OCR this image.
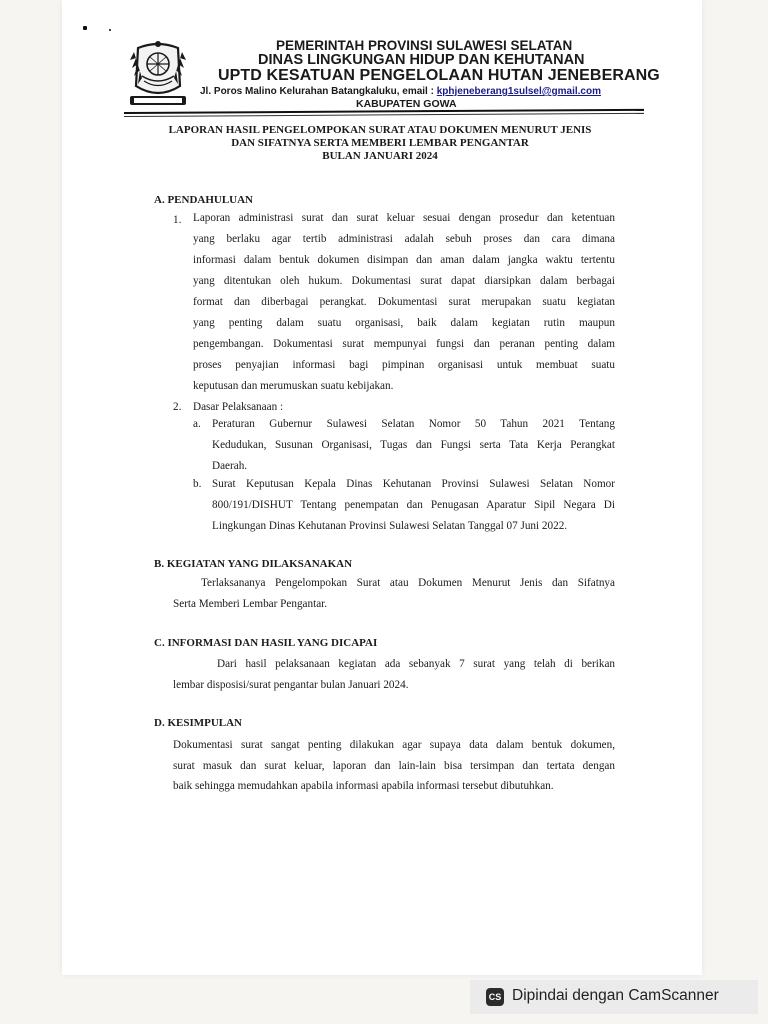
PEMERINTAH PROVINSI SULAWESI SELATAN
DINAS LINGKUNGAN HIDUP DAN KEHUTANAN
UPTD KESATUAN PENGELOLAAN HUTAN JENEBERANG
Jl. Poros Malino Kelurahan Batangkaluku, email : kphjeneberang1sulsel@gmail.com
KABUPATEN GOWA
LAPORAN HASIL PENGELOMPOKAN SURAT ATAU DOKUMEN MENURUT JENIS
DAN SIFATNYA SERTA MEMBERI LEMBAR PENGANTAR
BULAN JANUARI 2024
A. PENDAHULUAN
1. Laporan administrasi surat dan surat keluar sesuai dengan prosedur dan ketentuan
yang berlaku agar tertib administrasi adalah sebuh proses dan cara dimana
informasi dalam bentuk dokumen disimpan dan aman dalam jangka waktu tertentu
yang ditentukan oleh hukum. Dokumentasi surat dapat diarsipkan dalam berbagai
format dan diberbagai perangkat. Dokumentasi surat merupakan suatu kegiatan
yang penting dalam suatu organisasi, baik dalam kegiatan rutin maupun
pengembangan. Dokumentasi surat mempunyai fungsi dan peranan penting dalam
proses penyajian informasi bagi pimpinan organisasi untuk membuat suatu
keputusan dan merumuskan suatu kebijakan.
2. Dasar Pelaksanaan :
a. Peraturan Gubernur Sulawesi Selatan Nomor 50 Tahun 2021 Tentang
Kedudukan, Susunan Organisasi, Tugas dan Fungsi serta Tata Kerja Perangkat
Daerah.
b. Surat Keputusan Kepala Dinas Kehutanan Provinsi Sulawesi Selatan Nomor
800/191/DISHUT Tentang penempatan dan Penugasan Aparatur Sipil Negara Di
Lingkungan Dinas Kehutanan Provinsi Sulawesi Selatan Tanggal 07 Juni 2022.
B. KEGIATAN YANG DILAKSANAKAN
Terlaksananya Pengelompokan Surat atau Dokumen Menurut Jenis dan Sifatnya
Serta Memberi Lembar Pengantar.
C. INFORMASI DAN HASIL YANG DICAPAI
Dari hasil pelaksanaan kegiatan ada sebanyak 7 surat yang telah di berikan
lembar disposisi/surat pengantar bulan Januari 2024.
D. KESIMPULAN
Dokumentasi surat sangat penting dilakukan agar supaya data dalam bentuk dokumen,
surat masuk dan surat keluar, laporan dan lain-lain bisa tersimpan dan tertata dengan
baik sehingga memudahkan apabila informasi apabila informasi tersebut dibutuhkan.
CS Dipindai dengan CamScanner
